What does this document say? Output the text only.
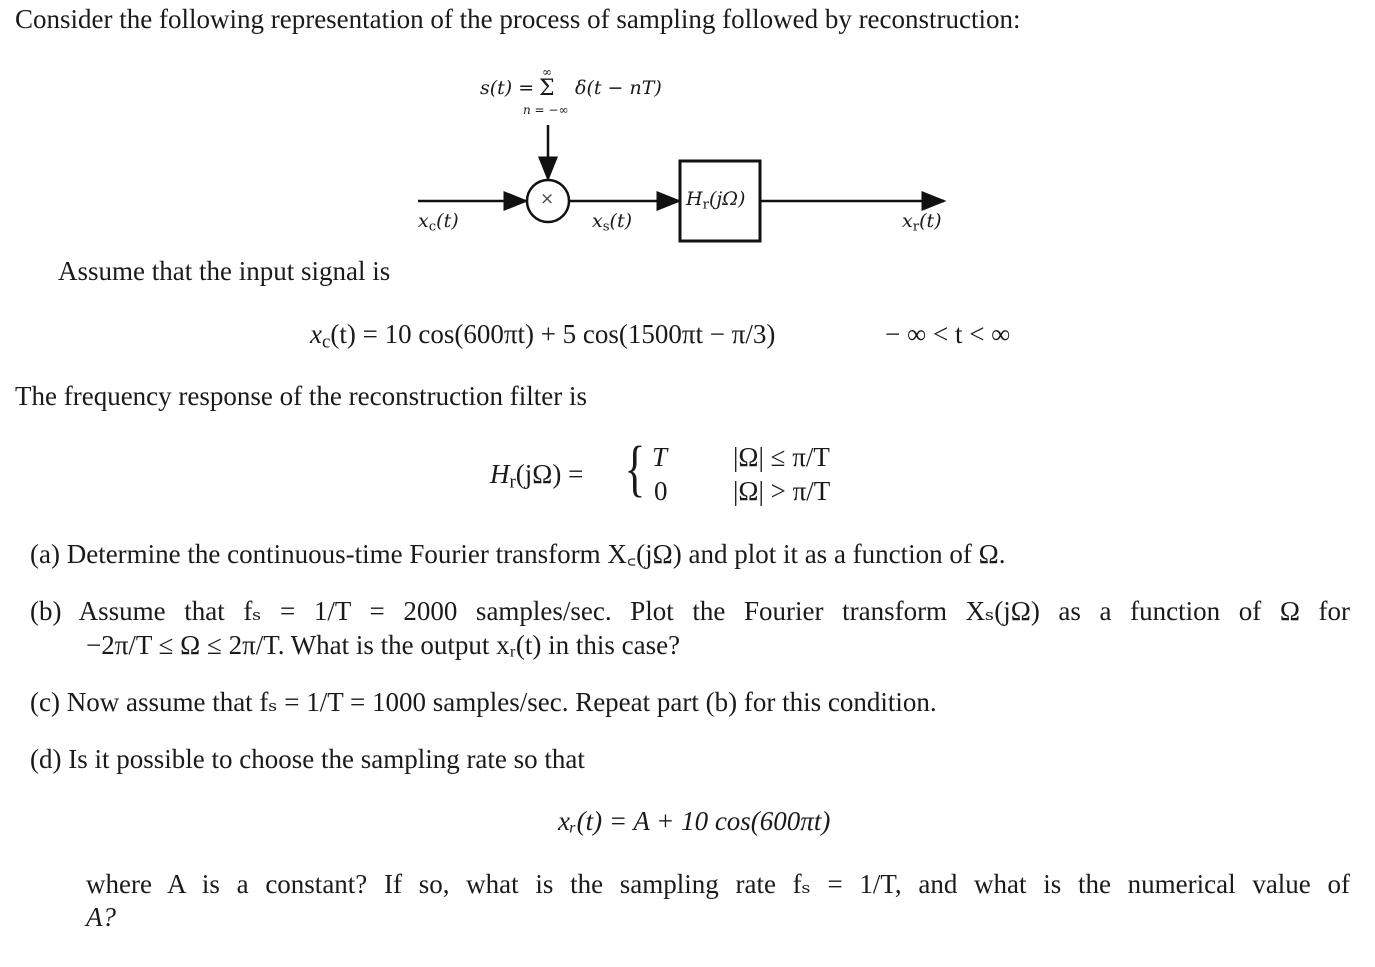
Consider the following representation of the process of sampling followed by reconstruction:
×
s(t) = Σ
∞
n = −∞
δ(t − nT)
$x_c(t)$	$x_s(t)$
$H_r(j\Omega)$
$x_r(t)$
Assume that the input signal is
$x_c(t) = 10$ cos(600πt) + 5 cos(1500πt − π/3)	− ∞ < t < ∞
The frequency response of the reconstruction filter is
$H_r(j\Omega)$ = { T |Ω| ≤ π/T
0 |Ω| > π/T
(a) Determine the continuous-time Fourier transform X꜀(jΩ) and plot it as a function of Ω.
(b) Assume that fₛ = 1/T = 2000 samples/sec. Plot the Fourier transform Xₛ(jΩ) as a function of Ω for
−2π/T ≤ Ω ≤ 2π/T. What is the output xᵣ(t) in this case?
(c) Now assume that fₛ = 1/T = 1000 samples/sec. Repeat part (b) for this condition.
(d) Is it possible to choose the sampling rate so that
xᵣ(t) = A + 10 cos(600πt)
where A is a constant? If so, what is the sampling rate fₛ = 1/T, and what is the numerical value of
A?
